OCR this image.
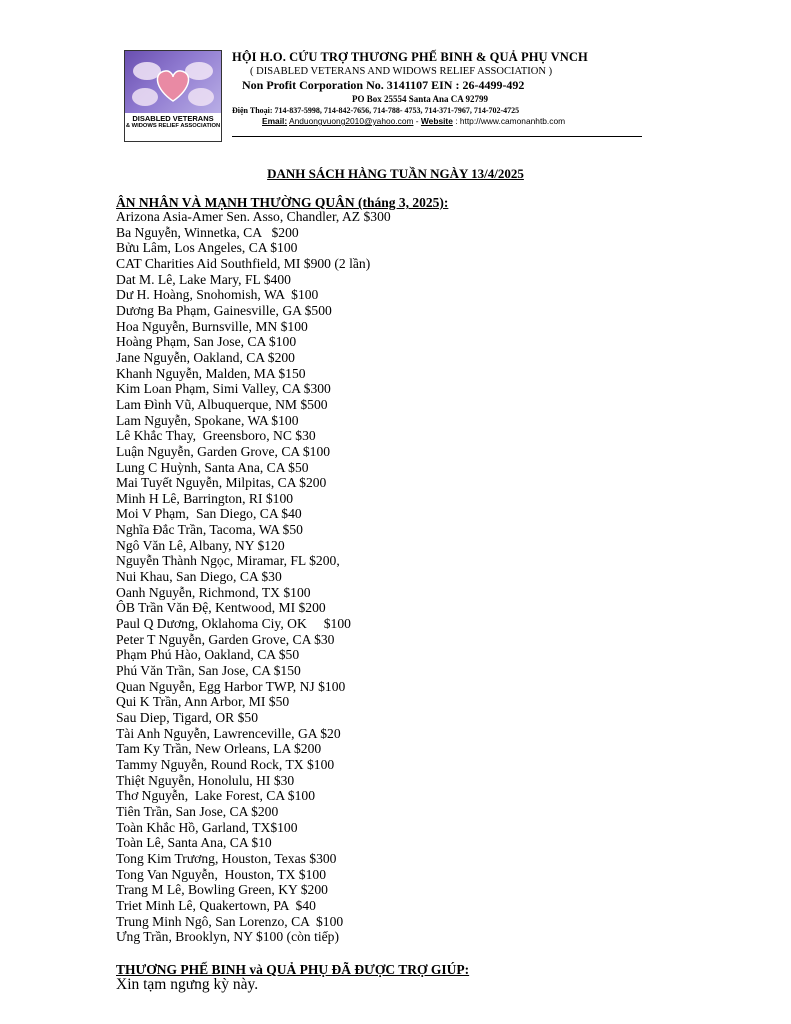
DISABLED VETERANS
& WIDOWS RELIEF ASSOCIATION
HỘI H.O. CỨU TRỢ THƯƠNG PHẾ BINH & QUẢ PHỤ VNCH
( DISABLED VETERANS AND WIDOWS RELIEF ASSOCIATION )
Non Profit Corporation No. 3141107 EIN : 26-4499-492
PO Box 25554 Santa Ana CA 92799
Điện Thoại: 714-837-5998, 714-842-7656, 714-788- 4753, 714-371-7967, 714-702-4725
Email: Anduongvuong2010@yahoo.com - Website : http://www.camonanhtb.com
DANH SÁCH HÀNG TUẦN NGÀY 13/4/2025
ÂN NHÂN VÀ MẠNH THƯỜNG QUÂN (tháng 3, 2025):
Arizona Asia-Amer Sen. Asso, Chandler, AZ $300
Ba Nguyễn, Winnetka, CA   $200
Bửu Lâm, Los Angeles, CA $100
CAT Charities Aid Southfield, MI $900 (2 lần)
Dat M. Lê, Lake Mary, FL $400
Dư H. Hoàng, Snohomish, WA  $100
Dương Ba Phạm, Gainesville, GA $500
Hoa Nguyễn, Burnsville, MN $100
Hoàng Phạm, San Jose, CA $100
Jane Nguyễn, Oakland, CA $200
Khanh Nguyễn, Malden, MA $150
Kim Loan Phạm, Simi Valley, CA $300
Lam Đình Vũ, Albuquerque, NM $500
Lam Nguyễn, Spokane, WA $100
Lê Khắc Thay,  Greensboro, NC $30
Luận Nguyễn, Garden Grove, CA $100
Lung C Huỳnh, Santa Ana, CA $50
Mai Tuyết Nguyễn, Milpitas, CA $200
Minh H Lê, Barrington, RI $100
Moi V Phạm,  San Diego, CA $40
Nghĩa Đắc Trần, Tacoma, WA $50
Ngô Văn Lê, Albany, NY $120
Nguyễn Thành Ngọc, Miramar, FL $200,
Nui Khau, San Diego, CA $30
Oanh Nguyễn, Richmond, TX $100
ÔB Trần Văn Đệ, Kentwood, MI $200
Paul Q Dương, Oklahoma Ciy, OK     $100
Peter T Nguyễn, Garden Grove, CA $30
Phạm Phú Hào, Oakland, CA $50
Phú Văn Trần, San Jose, CA $150
Quan Nguyễn, Egg Harbor TWP, NJ $100
Qui K Trần, Ann Arbor, MI $50
Sau Diep, Tigard, OR $50
Tài Anh Nguyễn, Lawrenceville, GA $20
Tam Ky Trần, New Orleans, LA $200
Tammy Nguyễn, Round Rock, TX $100
Thiệt Nguyễn, Honolulu, HI $30
Thơ Nguyễn,  Lake Forest, CA $100
Tiên Trần, San Jose, CA $200
Toàn Khắc Hồ, Garland, TX$100
Toàn Lê, Santa Ana, CA $10
Tong Kim Trương, Houston, Texas $300
Tong Van Nguyễn,  Houston, TX $100
Trang M Lê, Bowling Green, KY $200
Triet Minh Lê, Quakertown, PA  $40
Trung Minh Ngô, San Lorenzo, CA  $100
Ưng Trần, Brooklyn, NY $100 (còn tiếp)
THƯƠNG PHẾ BINH và QUẢ PHỤ ĐÃ ĐƯỢC TRỢ GIÚP:
Xin tạm ngưng kỳ này.
